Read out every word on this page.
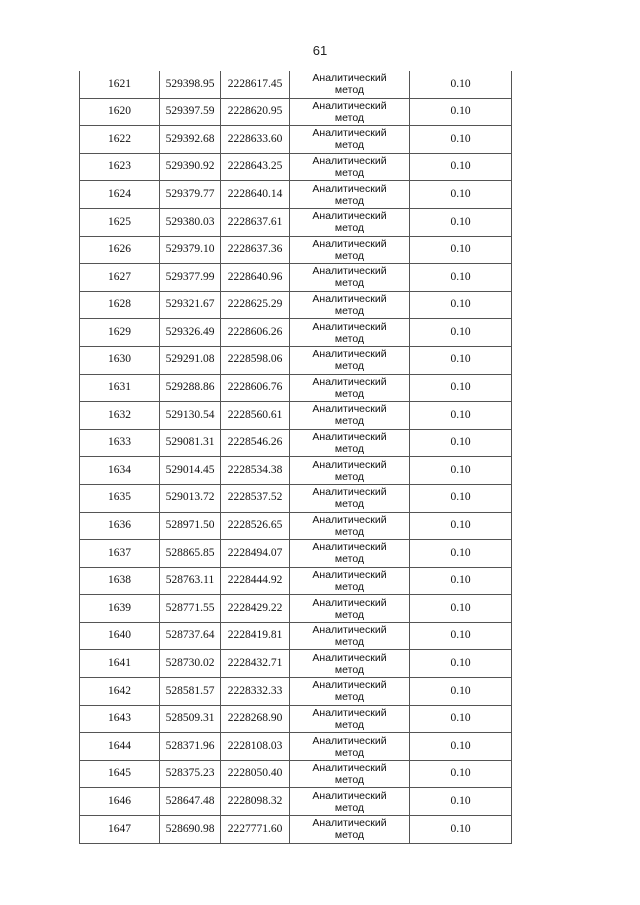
61
1621	529398.95	2228617.45	Аналитический
метод	0.10
1620	529397.59	2228620.95	Аналитический
метод	0.10
1622	529392.68	2228633.60	Аналитический
метод	0.10
1623	529390.92	2228643.25	Аналитический
метод	0.10
1624	529379.77	2228640.14	Аналитический
метод	0.10
1625	529380.03	2228637.61	Аналитический
метод	0.10
1626	529379.10	2228637.36	Аналитический
метод	0.10
1627	529377.99	2228640.96	Аналитический
метод	0.10
1628	529321.67	2228625.29	Аналитический
метод	0.10
1629	529326.49	2228606.26	Аналитический
метод	0.10
1630	529291.08	2228598.06	Аналитический
метод	0.10
1631	529288.86	2228606.76	Аналитический
метод	0.10
1632	529130.54	2228560.61	Аналитический
метод	0.10
1633	529081.31	2228546.26	Аналитический
метод	0.10
1634	529014.45	2228534.38	Аналитический
метод	0.10
1635	529013.72	2228537.52	Аналитический
метод	0.10
1636	528971.50	2228526.65	Аналитический
метод	0.10
1637	528865.85	2228494.07	Аналитический
метод	0.10
1638	528763.11	2228444.92	Аналитический
метод	0.10
1639	528771.55	2228429.22	Аналитический
метод	0.10
1640	528737.64	2228419.81	Аналитический
метод	0.10
1641	528730.02	2228432.71	Аналитический
метод	0.10
1642	528581.57	2228332.33	Аналитический
метод	0.10
1643	528509.31	2228268.90	Аналитический
метод	0.10
1644	528371.96	2228108.03	Аналитический
метод	0.10
1645	528375.23	2228050.40	Аналитический
метод	0.10
1646	528647.48	2228098.32	Аналитический
метод	0.10
1647	528690.98	2227771.60	Аналитический
метод	0.10
